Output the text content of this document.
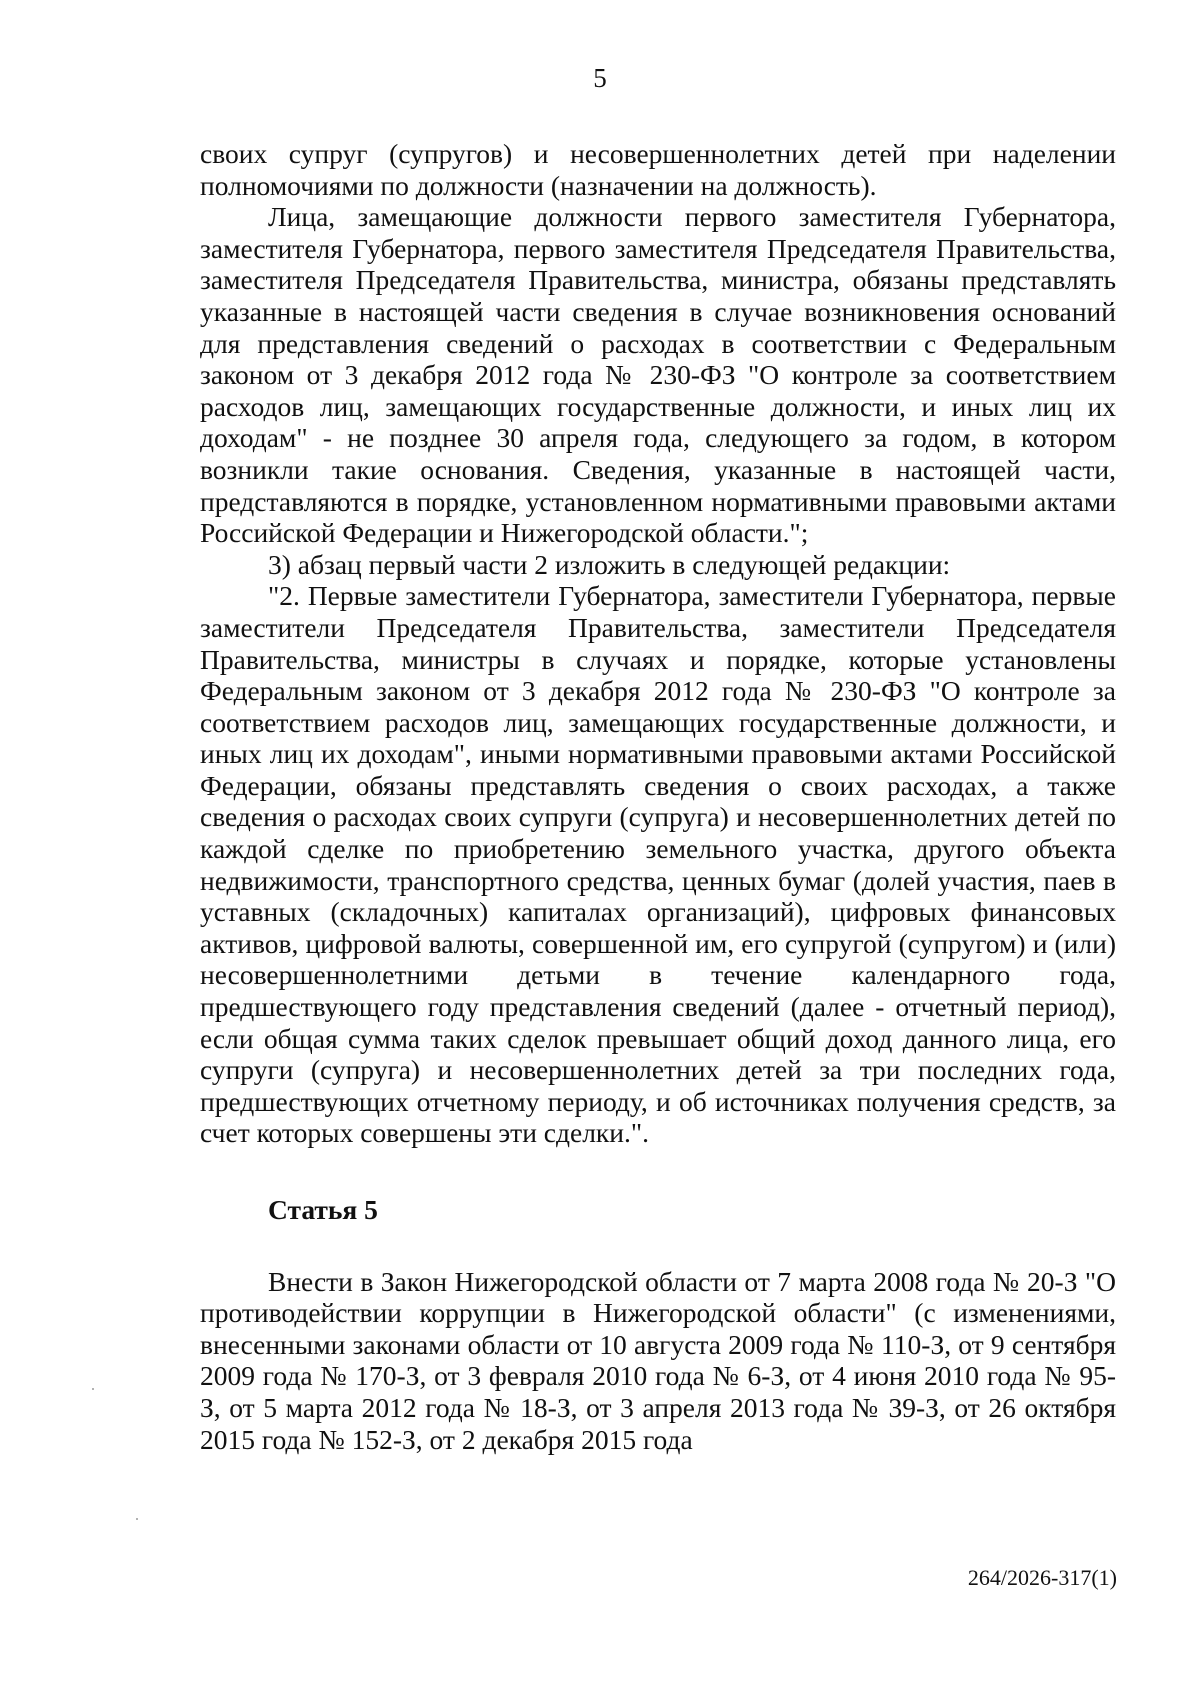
5

своих супруг (супругов) и несовершеннолетних детей при наделении полномочиями по должности (назначении на должность).

Лица, замещающие должности первого заместителя Губернатора, заместителя Губернатора, первого заместителя Председателя Правительства, заместителя Председателя Правительства, министра, обязаны представлять указанные в настоящей части сведения в случае возникновения оснований для представления сведений о расходах в соответствии с Федеральным законом от 3 декабря 2012 года № 230-ФЗ "О контроле за соответствием расходов лиц, замещающих государственные должности, и иных лиц их доходам" - не позднее 30 апреля года, следующего за годом, в котором возникли такие основания. Сведения, указанные в настоящей части, представляются в порядке, установленном нормативными правовыми актами Российской Федерации и Нижегородской области.";

3) абзац первый части 2 изложить в следующей редакции:

"2. Первые заместители Губернатора, заместители Губернатора, первые заместители Председателя Правительства, заместители Председателя Правительства, министры в случаях и порядке, которые установлены Федеральным законом от 3 декабря 2012 года № 230-ФЗ "О контроле за соответствием расходов лиц, замещающих государственные должности, и иных лиц их доходам", иными нормативными правовыми актами Российской Федерации, обязаны представлять сведения о своих расходах, а также сведения о расходах своих супруги (супруга) и несовершеннолетних детей по каждой сделке по приобретению земельного участка, другого объекта недвижимости, транспортного средства, ценных бумаг (долей участия, паев в уставных (складочных) капиталах организаций), цифровых финансовых активов, цифровой валюты, совершенной им, его супругой (супругом) и (или) несовершеннолетними детьми в течение календарного года, предшествующего году представления сведений (далее - отчетный период), если общая сумма таких сделок превышает общий доход данного лица, его супруги (супруга) и несовершеннолетних детей за три последних года, предшествующих отчетному периоду, и об источниках получения средств, за счет которых совершены эти сделки.".

Статья 5

Внести в Закон Нижегородской области от 7 марта 2008 года № 20-З "О противодействии коррупции в Нижегородской области" (с изменениями, внесенными законами области от 10 августа 2009 года № 110-З, от 9 сентября 2009 года № 170-З, от 3 февраля 2010 года № 6-З, от 4 июня 2010 года № 95-З, от 5 марта 2012 года № 18-З, от 3 апреля 2013 года № 39-З, от 26 октября 2015 года № 152-З, от 2 декабря 2015 года

264/2026-317(1)
